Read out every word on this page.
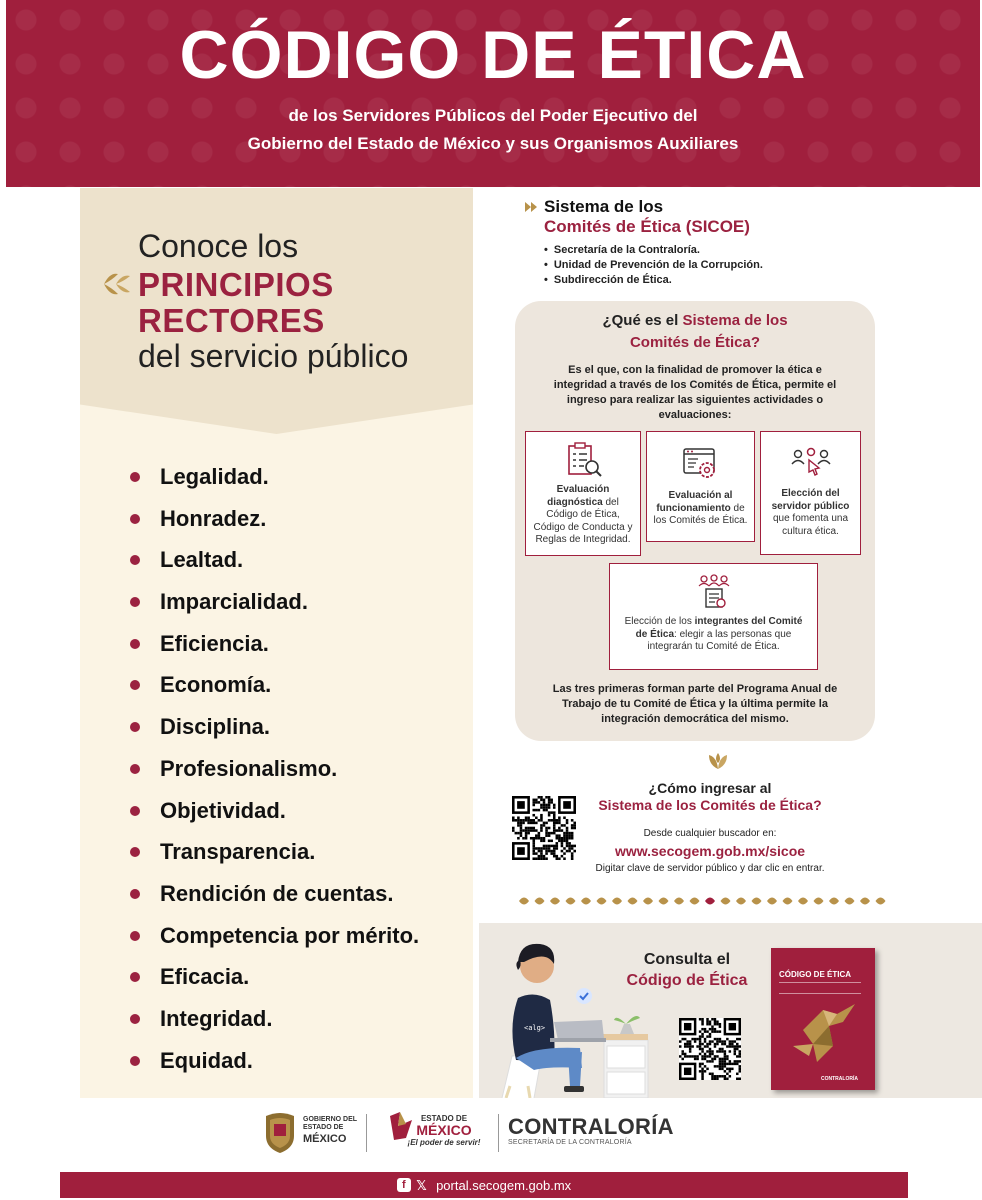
CÓDIGO DE ÉTICA
de los Servidores Públicos del Poder Ejecutivo del
Gobierno del Estado de México y sus Organismos Auxiliares
Conoce los
PRINCIPIOS
RECTORES
del servicio público
Legalidad.
Honradez.
Lealtad.
Imparcialidad.
Eficiencia.
Economía.
Disciplina.
Profesionalismo.
Objetividad.
Transparencia.
Rendición de cuentas.
Competencia por mérito.
Eficacia.
Integridad.
Equidad.
Sistema de los
Comités de Ética (SICOE)
• Secretaría de la Contraloría.
• Unidad de Prevención de la Corrupción.
• Subdirección de Ética.
¿Qué es el Sistema de los
Comités de Ética?
Es el que, con la finalidad de promover la ética e integridad a través de los Comités de Ética, permite el ingreso para realizar las siguientes actividades o evaluaciones:
Evaluación diagnóstica del Código de Ética, Código de Conducta y Reglas de Integridad.
Evaluación al funcionamiento de los Comités de Ética.
Elección del servidor público que fomenta una cultura ética.
Elección de los integrantes del Comité de Ética: elegir a las personas que integrarán tu Comité de Ética.
Las tres primeras forman parte del Programa Anual de Trabajo de tu Comité de Ética y la última permite la integración democrática del mismo.
¿Cómo ingresar al
Sistema de los Comités de Ética?
Desde cualquier buscador en:
www.secogem.gob.mx/sicoe
Digitar clave de servidor público y dar clic en entrar.
<alg>
Consulta el
Código de Ética	CÓDIGO DE ÉTICA
CONTRALORÍA
GOBIERNO DEL
ESTADO DE
MÉXICO
ESTADO DE
MÉXICO
¡El poder de servir!
CONTRALORÍA
SECRETARÍA DE LA CONTRALORÍA
f 𝕏 portal.secogem.gob.mx
